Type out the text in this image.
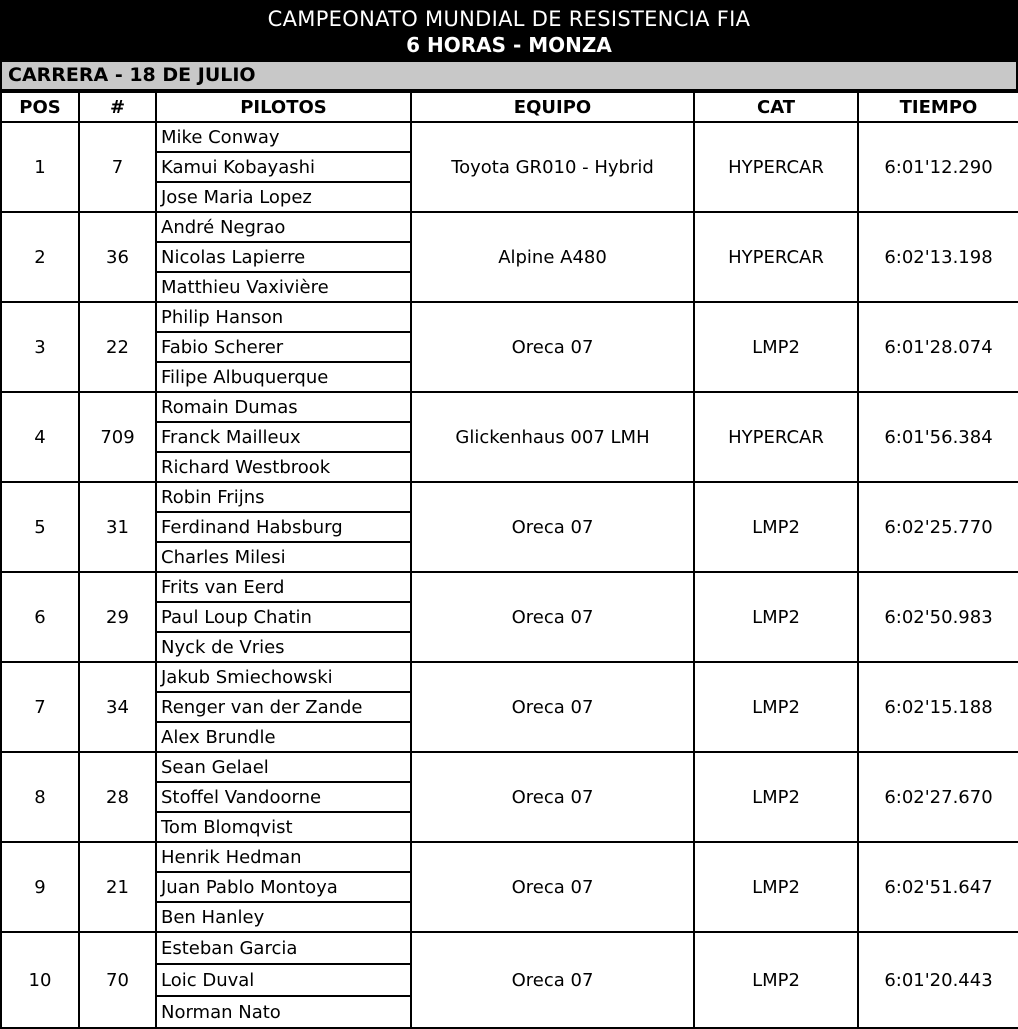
CAMPEONATO MUNDIAL DE RESISTENCIA FIA
6 HORAS - MONZA
CARRERA - 18 DE JULIO
POS	#	PILOTOS	EQUIPO	CAT	TIEMPO
1	7	Mike Conway	Toyota GR010 - Hybrid	HYPERCAR	6:01'12.290
		Kamui Kobayashi			
		Jose Maria Lopez			
2	36	André Negrao	Alpine A480	HYPERCAR	6:02'13.198
		Nicolas Lapierre			
		Matthieu Vaxivière			
3	22	Philip Hanson	Oreca 07	LMP2	6:01'28.074
		Fabio Scherer			
		Filipe Albuquerque			
4	709	Romain Dumas	Glickenhaus 007 LMH	HYPERCAR	6:01'56.384
		Franck Mailleux			
		Richard Westbrook			
5	31	Robin Frijns	Oreca 07	LMP2	6:02'25.770
		Ferdinand Habsburg			
		Charles Milesi			
6	29	Frits van Eerd	Oreca 07	LMP2	6:02'50.983
		Paul Loup Chatin			
		Nyck de Vries			
7	34	Jakub Smiechowski	Oreca 07	LMP2	6:02'15.188
		Renger van der Zande			
		Alex Brundle			
8	28	Sean Gelael	Oreca 07	LMP2	6:02'27.670
		Stoffel Vandoorne			
		Tom Blomqvist			
9	21	Henrik Hedman	Oreca 07	LMP2	6:02'51.647
		Juan Pablo Montoya			
		Ben Hanley			
10	70	Esteban Garcia	Oreca 07	LMP2	6:01'20.443
		Loic Duval			
		Norman Nato			
